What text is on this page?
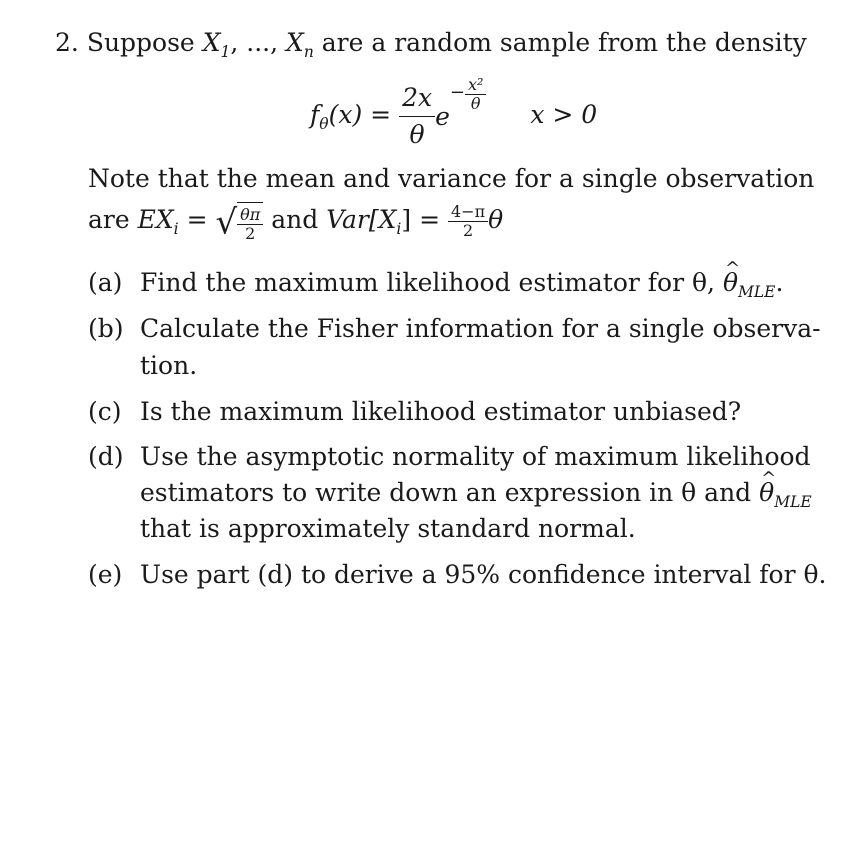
2. Suppose $X_1$, ..., $X_n$ are a random sample from the density
$f_\theta(x) = \frac{2x}{\theta} e^{- \frac{\text{x²}}{\theta}}$
x > 0
Note that the mean and variance for a single observation
are $EX_i$ = √ $\frac{\theta\pi}{2}$ and $Var[X_i] = \frac{4-\pi}{2}$ θ
(a) Find the maximum likelihood estimator for θ, ^ $\theta_{MLE}$.
(b) Calculate the Fisher information for a single observa-
tion.
(c) Is the maximum likelihood estimator unbiased?
(d) Use the asymptotic normality of maximum likelihood
estimators to write down an expression in θ and ^ $\theta_{MLE}$
that is approximately standard normal.
(e) Use part (d) to derive a 95% confidence interval for θ.
